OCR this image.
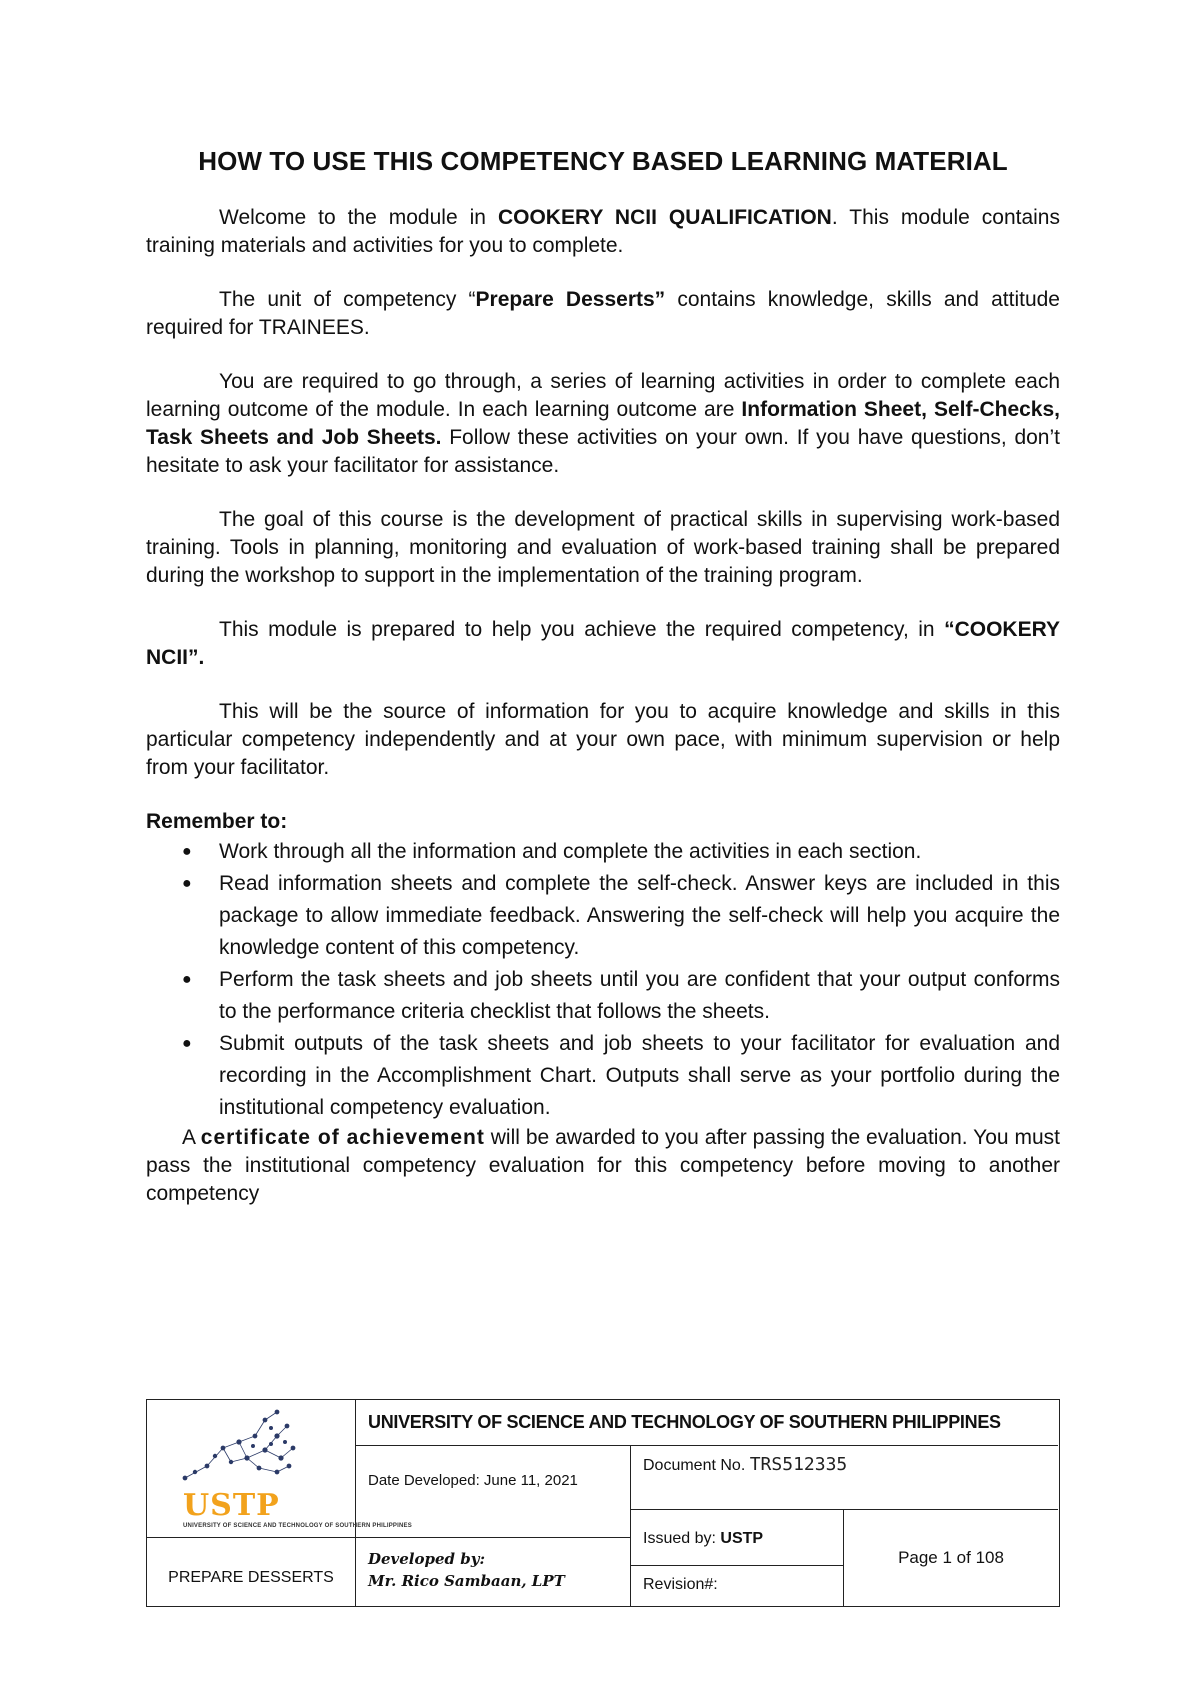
HOW TO USE THIS COMPETENCY BASED LEARNING MATERIAL

Welcome to the module in COOKERY NCII QUALIFICATION. This module contains training materials and activities for you to complete.

The unit of competency “Prepare Desserts” contains knowledge, skills and attitude required for TRAINEES.

You are required to go through, a series of learning activities in order to complete each learning outcome of the module. In each learning outcome are Information Sheet, Self-Checks, Task Sheets and Job Sheets. Follow these activities on your own. If you have questions, don’t hesitate to ask your facilitator for assistance.

The goal of this course is the development of practical skills in supervising work-based training. Tools in planning, monitoring and evaluation of work-based training shall be prepared during the workshop to support in the implementation of the training program.

This module is prepared to help you achieve the required competency, in “COOKERY NCII”.

This will be the source of information for you to acquire knowledge and skills in this particular competency independently and at your own pace, with minimum supervision or help from your facilitator.

Remember to:

● Work through all the information and complete the activities in each section.
● Read information sheets and complete the self-check. Answer keys are included in this package to allow immediate feedback. Answering the self-check will help you acquire the knowledge content of this competency.
● Perform the task sheets and job sheets until you are confident that your output conforms to the performance criteria checklist that follows the sheets.
● Submit outputs of the task sheets and job sheets to your facilitator for evaluation and recording in the Accomplishment Chart. Outputs shall serve as your portfolio during the institutional competency evaluation.

A certificate of achievement will be awarded to you after passing the evaluation. You must pass the institutional competency evaluation for this competency before moving to another competency

USTP
UNIVERSITY OF SCIENCE AND TECHNOLOGY OF SOUTHERN PHILIPPINES
PREPARE DESSERTS
UNIVERSITY OF SCIENCE AND TECHNOLOGY OF SOUTHERN PHILIPPINES
Date Developed: June 11, 2021
Developed by:
Mr. Rico Sambaan, LPT
Document No. TRS512335
Issued by: USTP
Revision#:
Page 1 of 108
